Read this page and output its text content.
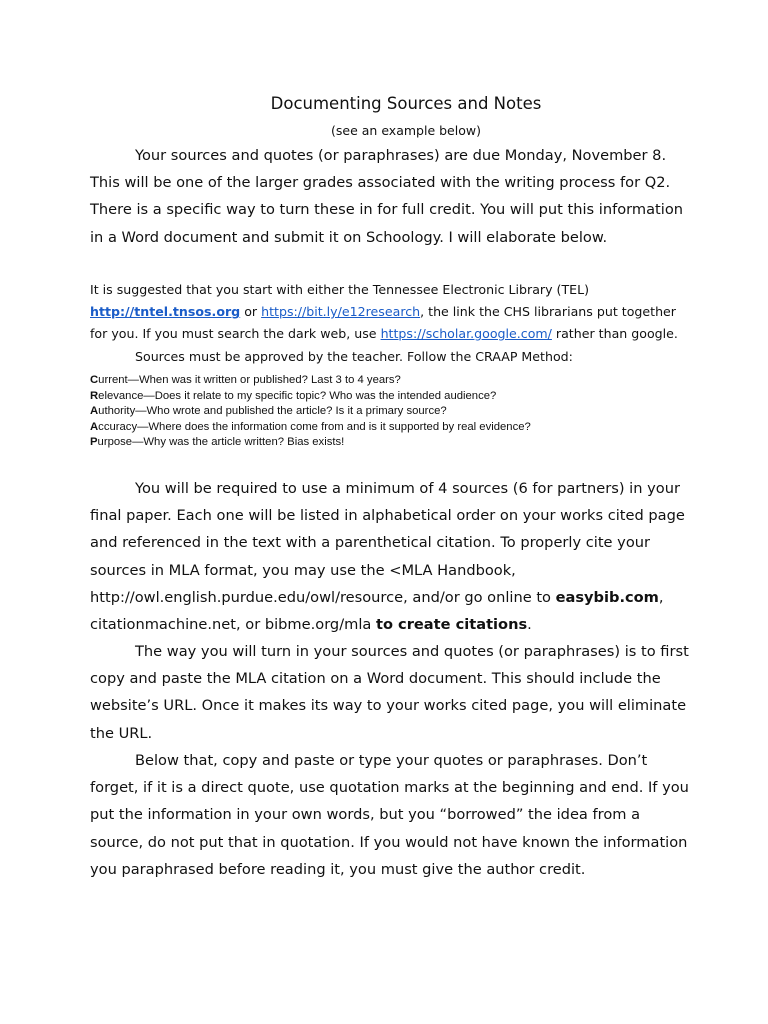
Documenting Sources and Notes
(see an example below)

Your sources and quotes (or paraphrases) are due Monday, November 8. This will be one of the larger grades associated with the writing process for Q2. There is a specific way to turn these in for full credit. You will put this information in a Word document and submit it on Schoology. I will elaborate below.

It is suggested that you start with either the Tennessee Electronic Library (TEL) http://tntel.tnsos.org or https://bit.ly/e12research, the link the CHS librarians put together for you. If you must search the dark web, use https://scholar.google.com/ rather than google.

Sources must be approved by the teacher. Follow the CRAAP Method:

Current—When was it written or published? Last 3 to 4 years?
Relevance—Does it relate to my specific topic? Who was the intended audience?
Authority—Who wrote and published the article? Is it a primary source?
Accuracy—Where does the information come from and is it supported by real evidence?
Purpose—Why was the article written? Bias exists!

You will be required to use a minimum of 4 sources (6 for partners) in your final paper. Each one will be listed in alphabetical order on your works cited page and referenced in the text with a parenthetical citation. To properly cite your sources in MLA format, you may use the <MLA Handbook, http://owl.english.purdue.edu/owl/resource, and/or go online to easybib.com, citationmachine.net, or bibme.org/mla to create citations.

The way you will turn in your sources and quotes (or paraphrases) is to first copy and paste the MLA citation on a Word document. This should include the website’s URL. Once it makes its way to your works cited page, you will eliminate the URL.

Below that, copy and paste or type your quotes or paraphrases. Don’t forget, if it is a direct quote, use quotation marks at the beginning and end. If you put the information in your own words, but you “borrowed” the idea from a source, do not put that in quotation. If you would not have known the information you paraphrased before reading it, you must give the author credit.
